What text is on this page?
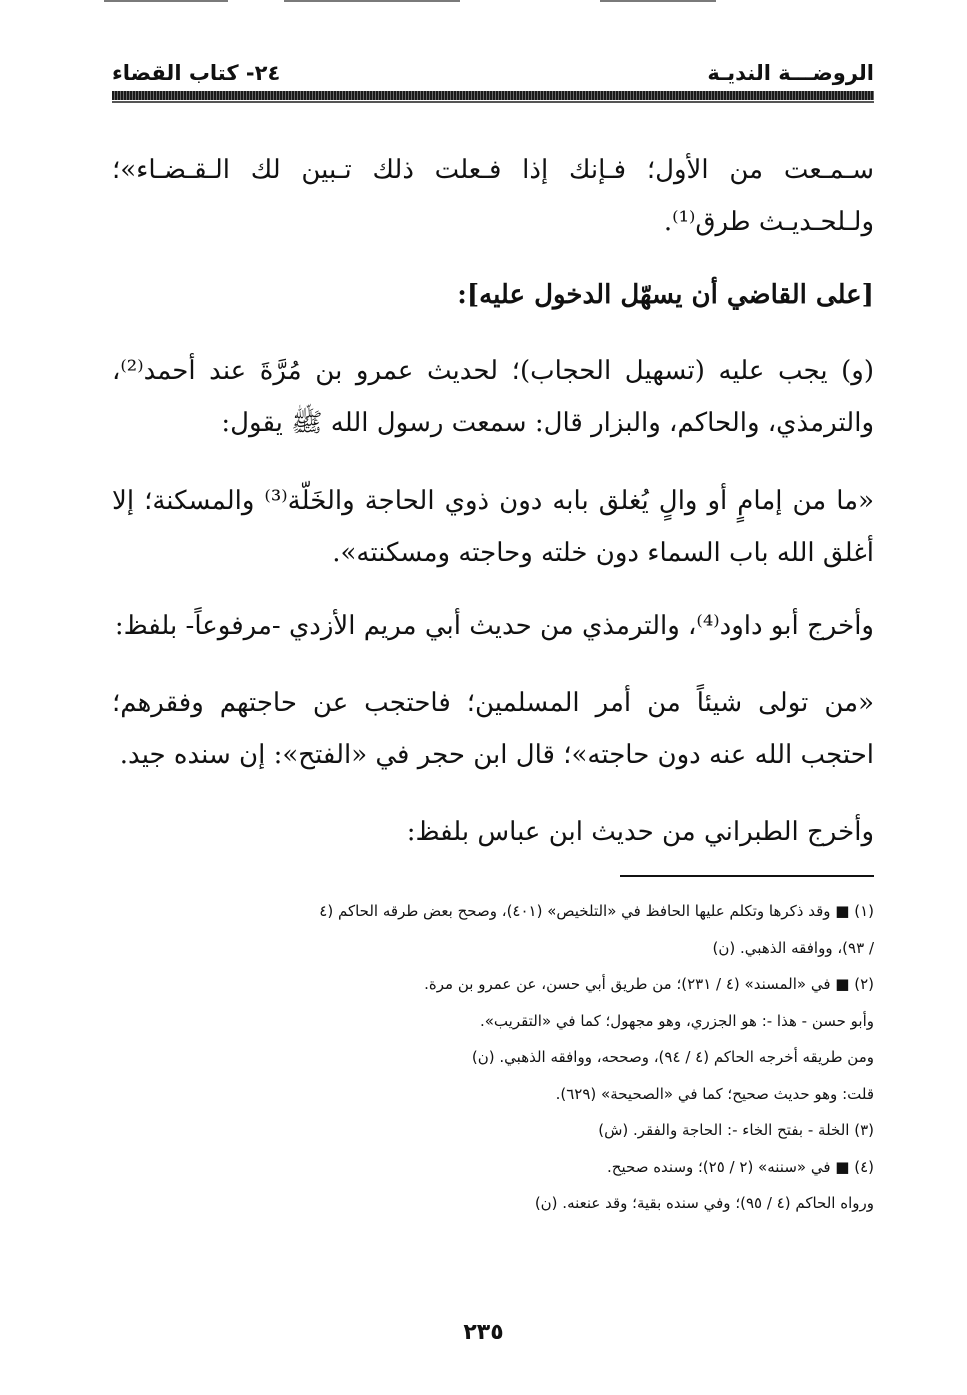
الروضـــة النديـة
٢٤- كتاب القضاء

سـمـعت من الأول؛ فـإنك إذا فـعلت ذلك تـبين لك الـقـضـاء»؛ ولـلحـديـث طرق⁽¹⁾.

[على القاضي أن يسهّل الدخول عليه]:

(و) يجب عليه (تسهيل الحجاب)؛ لحديث عمرو بن مُرَّةَ عند أحمد⁽²⁾، والترمذي، والحاكم، والبزار قال: سمعت رسول الله ﷺ يقول:

«ما من إمامٍ أو والٍ يُغلق بابه دون ذوي الحاجة والخَلّة⁽³⁾ والمسكنة؛ إلا أغلق الله باب السماء دون خلته وحاجته ومسكنته».

وأخرج أبو داود⁽⁴⁾، والترمذي من حديث أبي مريم الأزدي -مرفوعاً- بلفظ:

«من تولى شيئاً من أمر المسلمين؛ فاحتجب عن حاجتهم وفقرهم؛ احتجب الله عنه دون حاجته»؛ قال ابن حجر في «الفتح»: إن سنده جيد.

وأخرج الطبراني من حديث ابن عباس بلفظ:

(١) ■ وقد ذكرها وتكلم عليها الحافظ في «التلخيص» (٤٠١)، وصحح بعض طرقه الحاكم (٤
/ ٩٣)، ووافقه الذهبي. (ن)
(٢) ■ في «المسند» (٤ / ٢٣١)؛ من طريق أبي حسن، عن عمرو بن مرة.
وأبو حسن - هذا -: هو الجزري، وهو مجهول؛ كما في «التقريب».
ومن طريقه أخرجه الحاكم (٤ / ٩٤)، وصححه، ووافقه الذهبي. (ن)
قلت: وهو حديث صحيح؛ كما في «الصحيحة» (٦٢٩).
(٣) الخلة - بفتح الخاء -: الحاجة والفقر. (ش)
(٤) ■ في «سننه» (٢ / ٢٥)؛ وسنده صحيح.
ورواه الحاكم (٤ / ٩٥)؛ وفي سنده بقية؛ وقد عنعنه. (ن)
٢٣٥
